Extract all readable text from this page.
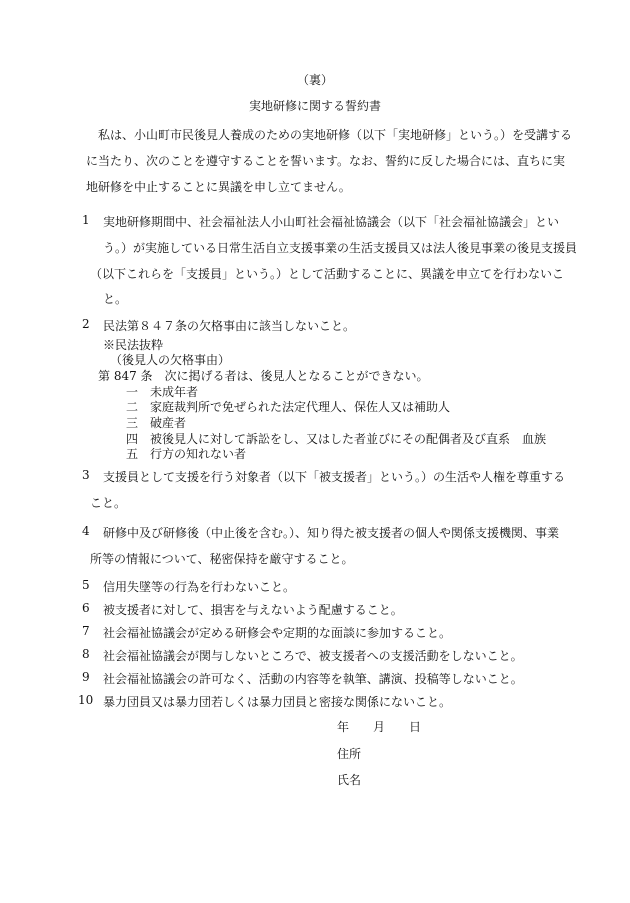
（裏）
実地研修に関する誓約書
　私は、小山町市民後見人養成のための実地研修（以下「実地研修」という。）を受講する
に当たり、次のことを遵守することを誓います。なお、誓約に反した場合には、直ちに実
地研修を中止することに異議を申し立てません。
1 実地研修期間中、社会福祉法人小山町社会福祉協議会（以下「社会福祉協議会」とい
う。）が実施している日常生活自立支援事業の生活支援員又は法人後見事業の後見支援員
（以下これらを「支援員」という。）として活動することに、異議を申立てを行わないこ
と。
2 民法第８４７条の欠格事由に該当しないこと。
※民法抜粋
（後見人の欠格事由）
第 847 条　次に掲げる者は、後見人となることができない。
一 未成年者
二 家庭裁判所で免ぜられた法定代理人、保佐人又は補助人
三 破産者
四 被後見人に対して訴訟をし、又はした者並びにその配偶者及び直系　血族
五 行方の知れない者
3 支援員として支援を行う対象者（以下「被支援者」という。）の生活や人権を尊重する
こと。
4 研修中及び研修後（中止後を含む。）、知り得た被支援者の個人や関係支援機関、事業
所等の情報について、秘密保持を厳守すること。
5 信用失墜等の行為を行わないこと。
6 被支援者に対して、損害を与えないよう配慮すること。
7 社会福祉協議会が定める研修会や定期的な面談に参加すること。
8 社会福祉協議会が関与しないところで、被支援者への支援活動をしないこと。
9 社会福祉協議会の許可なく、活動の内容等を執筆、講演、投稿等しないこと。
10 暴力団員又は暴力団若しくは暴力団員と密接な関係にないこと。
年　　月　　日
住所
氏名
